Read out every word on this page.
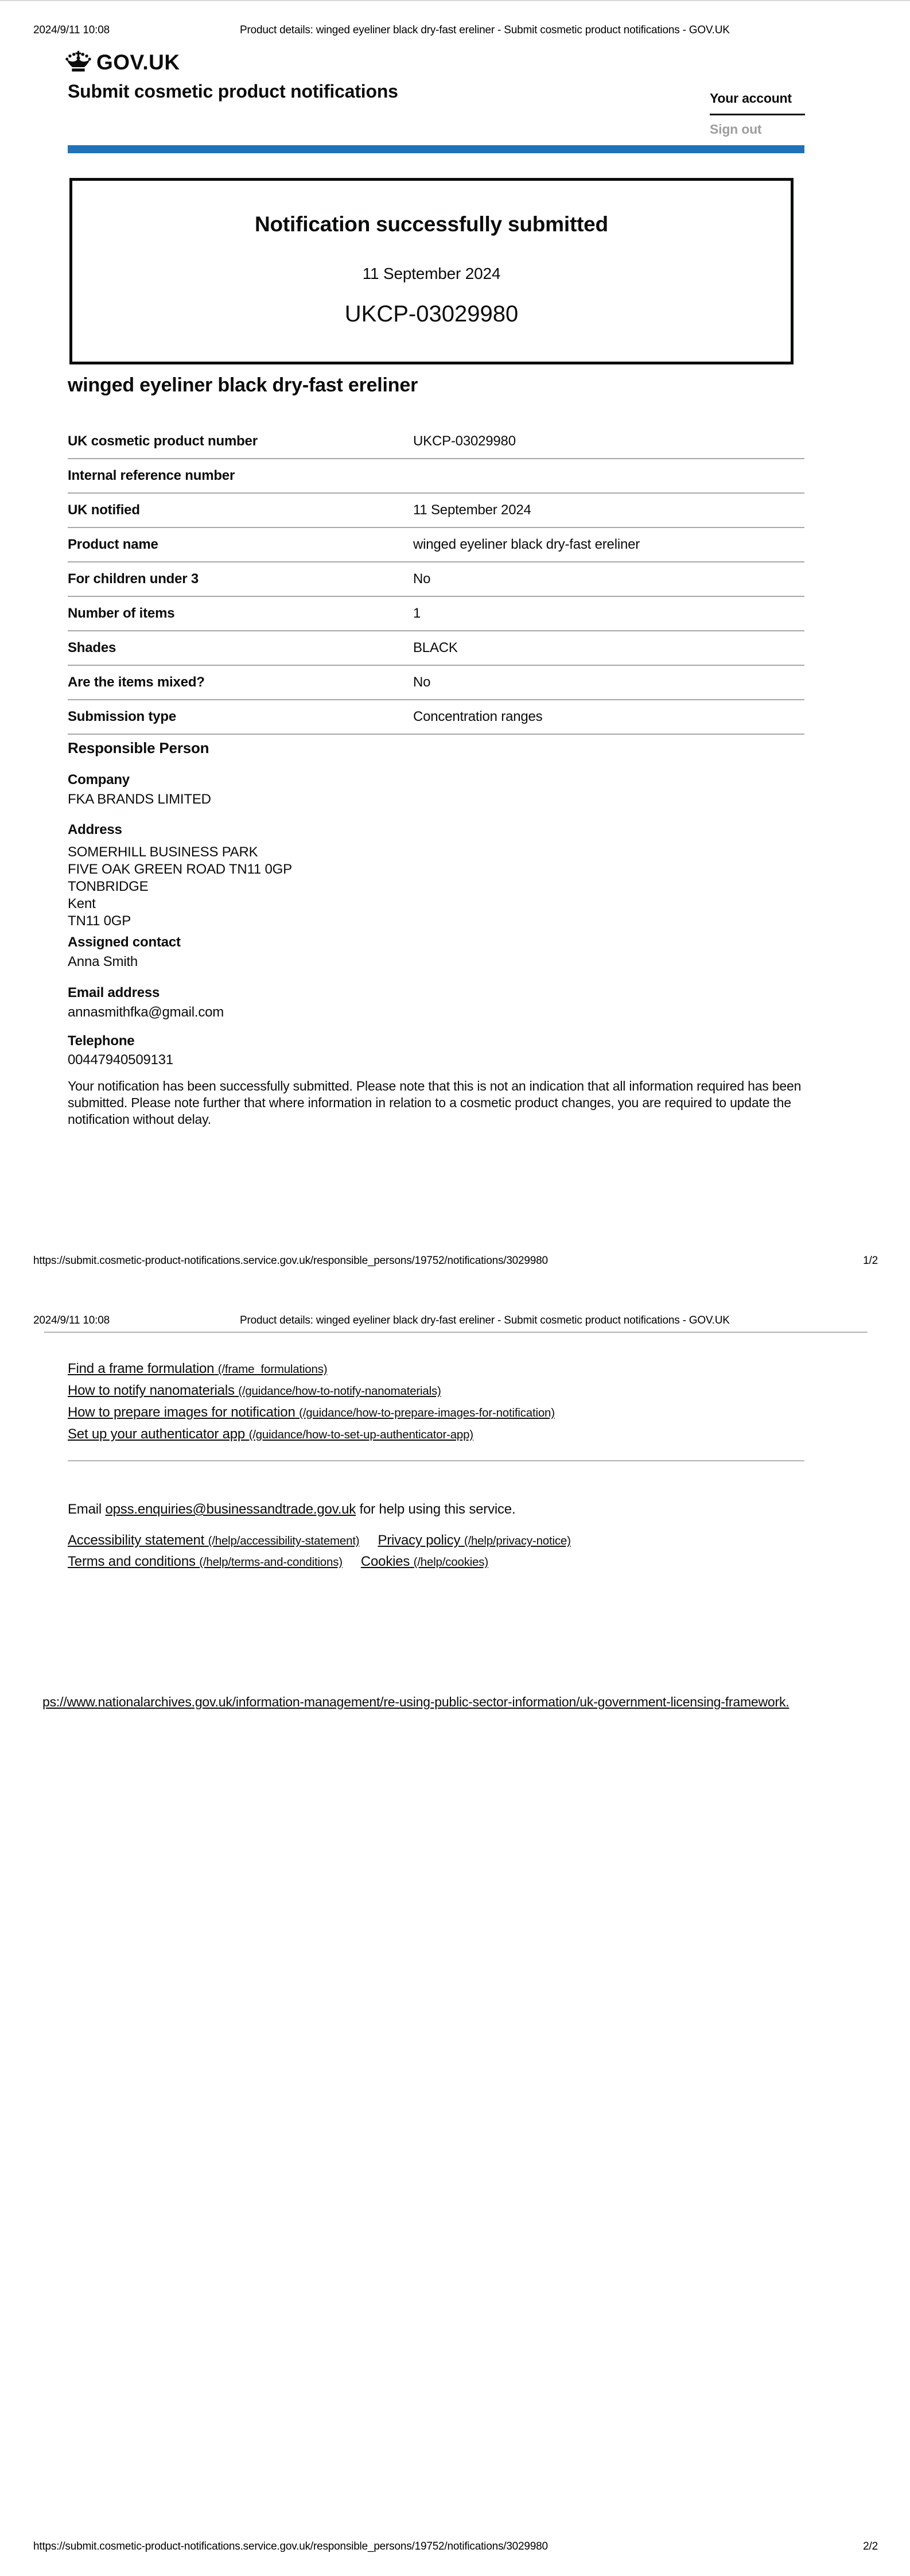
2024/9/11 10:08	Product details: winged eyeliner black dry-fast ereliner - Submit cosmetic product notifications - GOV.UK
GOV.UK
Submit cosmetic product notifications	Your account
Sign out
Notification successfully submitted
11 September 2024
UKCP-03029980
winged eyeliner black dry-fast ereliner
UK cosmetic product number	UKCP-03029980
Internal reference number
UK notified	11 September 2024
Product name	winged eyeliner black dry-fast ereliner
For children under 3	No
Number of items	1
Shades	BLACK
Are the items mixed?	No
Submission type	Concentration ranges
Responsible Person
Company
FKA BRANDS LIMITED
Address
SOMERHILL BUSINESS PARK
FIVE OAK GREEN ROAD TN11 0GP
TONBRIDGE
Kent
TN11 0GP
Assigned contact
Anna Smith
Email address
annasmithfka@gmail.com
Telephone
00447940509131
Your notification has been successfully submitted. Please note that this is not an indication that all information required has been submitted. Please note further that where information in relation to a cosmetic product changes, you are required to update the notification without delay.
https://submit.cosmetic-product-notifications.service.gov.uk/responsible_persons/19752/notifications/3029980	1/2
2024/9/11 10:08	Product details: winged eyeliner black dry-fast ereliner - Submit cosmetic product notifications - GOV.UK
Find a frame formulation (/frame_formulations)
How to notify nanomaterials (/guidance/how-to-notify-nanomaterials)
How to prepare images for notification (/guidance/how-to-prepare-images-for-notification)
Set up your authenticator app (/guidance/how-to-set-up-authenticator-app)
Email opss.enquiries@businessandtrade.gov.uk for help using this service.
Accessibility statement (/help/accessibility-statement) Privacy policy (/help/privacy-notice)
Terms and conditions (/help/terms-and-conditions) Cookies (/help/cookies)
ps://www.nationalarchives.gov.uk/information-management/re-using-public-sector-information/uk-government-licensing-framework.
https://submit.cosmetic-product-notifications.service.gov.uk/responsible_persons/19752/notifications/3029980	2/2
